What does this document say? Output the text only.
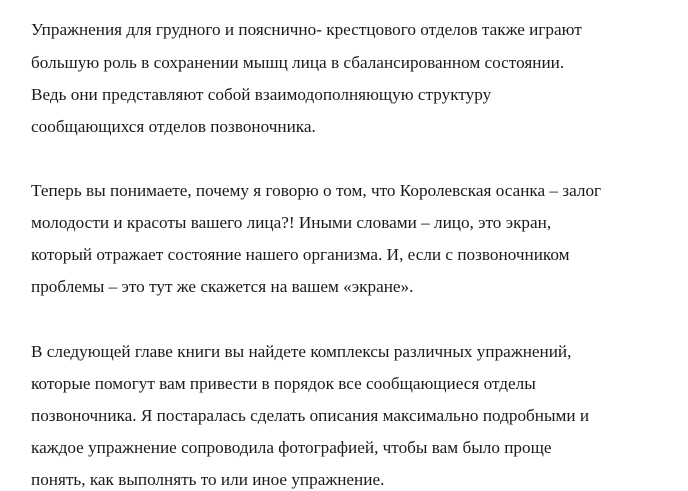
Упражнения для грудного и пояснично- крестцового отделов также играют
большую роль в сохранении мышц лица в сбалансированном состоянии.
Ведь они представляют собой взаимодополняющую структуру
сообщающихся отделов позвоночника.
Теперь вы понимаете, почему я говорю о том, что Королевская осанка – залог
молодости и красоты вашего лица?! Иными словами – лицо, это экран,
который отражает состояние нашего организма. И, если с позвоночником
проблемы – это тут же скажется на вашем «экране».
В следующей главе книги вы найдете комплексы различных упражнений,
которые помогут вам привести в порядок все сообщающиеся отделы
позвоночника. Я постаралась сделать описания максимально подробными и
каждое упражнение сопроводила фотографией, чтобы вам было проще
понять, как выполнять то или иное упражнение.
